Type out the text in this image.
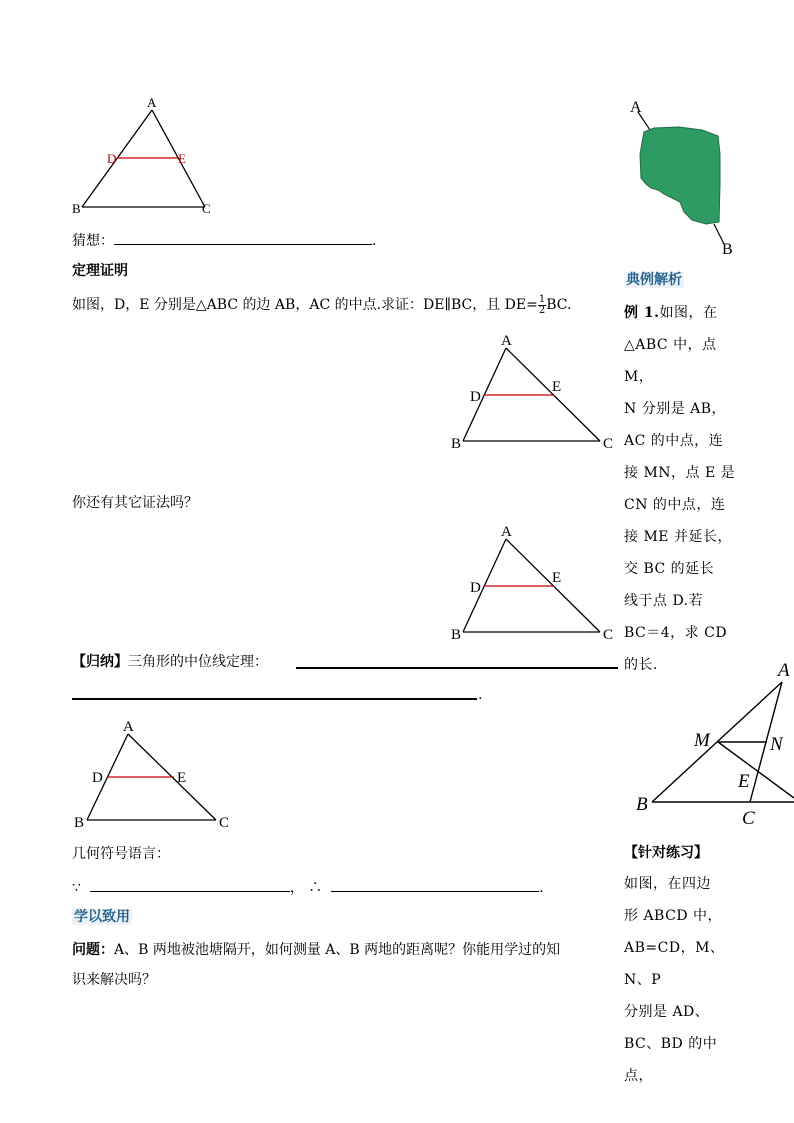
A
B	C
D	E
猜想：	.
定理证明
如图，D，E 分别是△ABC 的边 AB，AC 的中点.求证：DE∥BC，且 $DE= \frac{1}{2}$ BC.
A
B	C
D
E
你还有其它证法吗？
A
B	C
D
E
【归纳】三角形的中位线定理：
.
A
B	C
D	E
几何符号语言：
∵	， ∴	.
学以致用
问题：A、B 两地被池塘隔开，如何测量 A、B 两地的距离呢？你能用学过的知
识来解决吗？
A
B
典例解析
例 1.如图，在
△ABC 中，点 M，
N 分别是 AB，
AC 的中点，连
接 MN，点 E 是
CN 的中点，连
接 ME 并延长，
交 BC 的延长
线于点 D.若
BC＝4，求 CD
的长.	A
M	N
E
B
C
【针对练习】
如图，在四边
形 ABCD 中，
AB=CD，M、N、P
分别是 AD、
BC、BD 的中点，
